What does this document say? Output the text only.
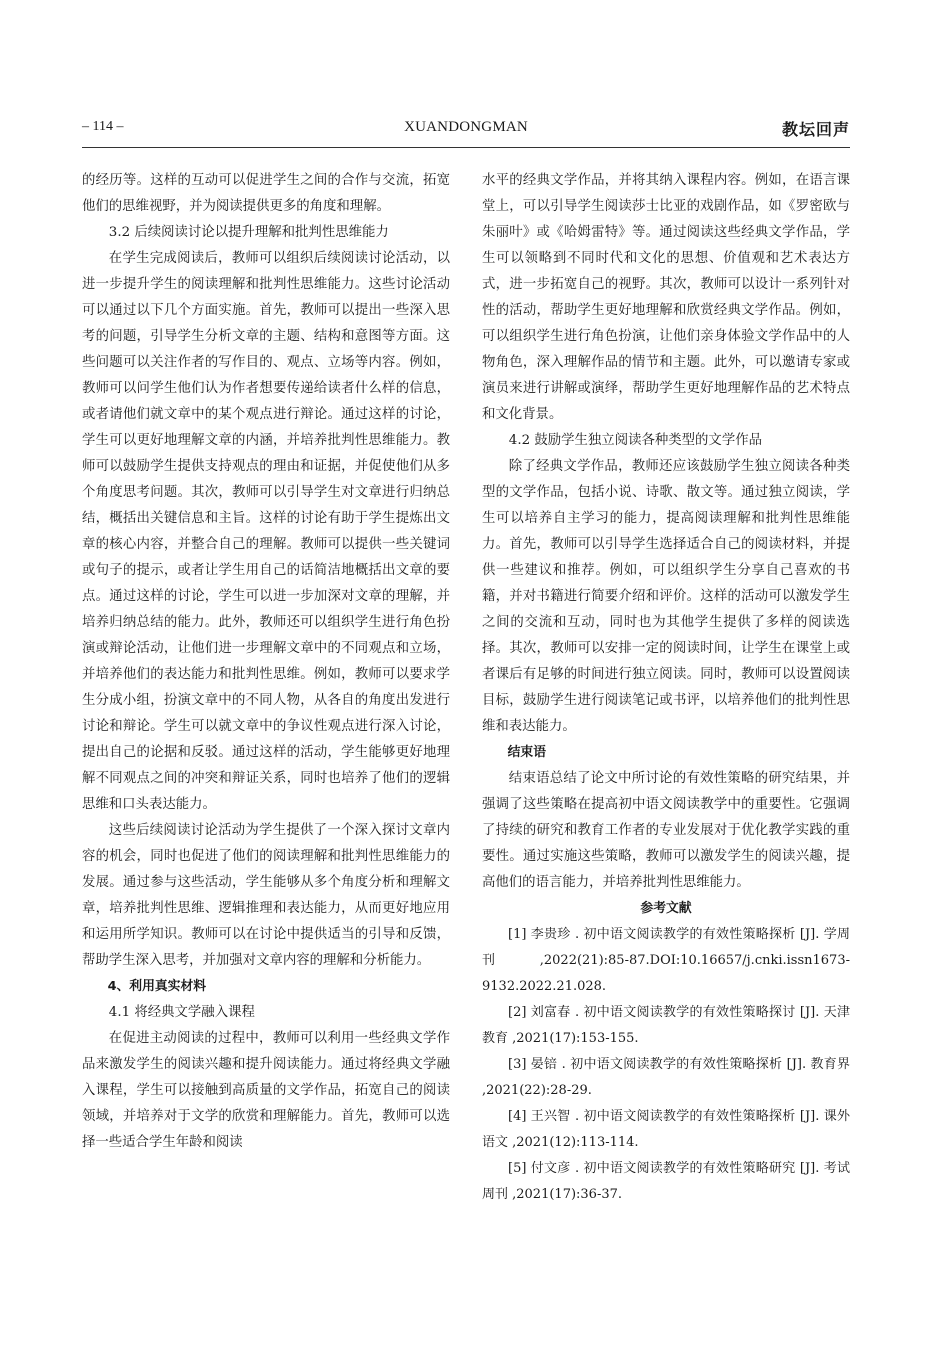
– 114 –	XUANDONGMAN	教坛回声

的经历等。这样的互动可以促进学生之间的合作与交流，拓宽他们的思维视野，并为阅读提供更多的角度和理解。

3.2 后续阅读讨论以提升理解和批判性思维能力

在学生完成阅读后，教师可以组织后续阅读讨论活动，以进一步提升学生的阅读理解和批判性思维能力。这些讨论活动可以通过以下几个方面实施。首先，教师可以提出一些深入思考的问题，引导学生分析文章的主题、结构和意图等方面。这些问题可以关注作者的写作目的、观点、立场等内容。例如，教师可以问学生他们认为作者想要传递给读者什么样的信息，或者请他们就文章中的某个观点进行辩论。通过这样的讨论，学生可以更好地理解文章的内涵，并培养批判性思维能力。教师可以鼓励学生提供支持观点的理由和证据，并促使他们从多个角度思考问题。其次，教师可以引导学生对文章进行归纳总结，概括出关键信息和主旨。这样的讨论有助于学生提炼出文章的核心内容，并整合自己的理解。教师可以提供一些关键词或句子的提示，或者让学生用自己的话简洁地概括出文章的要点。通过这样的讨论，学生可以进一步加深对文章的理解，并培养归纳总结的能力。此外，教师还可以组织学生进行角色扮演或辩论活动，让他们进一步理解文章中的不同观点和立场，并培养他们的表达能力和批判性思维。例如，教师可以要求学生分成小组，扮演文章中的不同人物，从各自的角度出发进行讨论和辩论。学生可以就文章中的争议性观点进行深入讨论，提出自己的论据和反驳。通过这样的活动，学生能够更好地理解不同观点之间的冲突和辩证关系，同时也培养了他们的逻辑思维和口头表达能力。

这些后续阅读讨论活动为学生提供了一个深入探讨文章内容的机会，同时也促进了他们的阅读理解和批判性思维能力的发展。通过参与这些活动，学生能够从多个角度分析和理解文章，培养批判性思维、逻辑推理和表达能力，从而更好地应用和运用所学知识。教师可以在讨论中提供适当的引导和反馈，帮助学生深入思考，并加强对文章内容的理解和分析能力。

4、利用真实材料

4.1 将经典文学融入课程

在促进主动阅读的过程中，教师可以利用一些经典文学作品来激发学生的阅读兴趣和提升阅读能力。通过将经典文学融入课程，学生可以接触到高质量的文学作品，拓宽自己的阅读领域，并培养对于文学的欣赏和理解能力。首先，教师可以选择一些适合学生年龄和阅读

水平的经典文学作品，并将其纳入课程内容。例如，在语言课堂上，可以引导学生阅读莎士比亚的戏剧作品，如《罗密欧与朱丽叶》或《哈姆雷特》等。通过阅读这些经典文学作品，学生可以领略到不同时代和文化的思想、价值观和艺术表达方式，进一步拓宽自己的视野。其次，教师可以设计一系列针对性的活动，帮助学生更好地理解和欣赏经典文学作品。例如，可以组织学生进行角色扮演，让他们亲身体验文学作品中的人物角色，深入理解作品的情节和主题。此外，可以邀请专家或演员来进行讲解或演绎，帮助学生更好地理解作品的艺术特点和文化背景。

4.2 鼓励学生独立阅读各种类型的文学作品

除了经典文学作品，教师还应该鼓励学生独立阅读各种类型的文学作品，包括小说、诗歌、散文等。通过独立阅读，学生可以培养自主学习的能力，提高阅读理解和批判性思维能力。首先，教师可以引导学生选择适合自己的阅读材料，并提供一些建议和推荐。例如，可以组织学生分享自己喜欢的书籍，并对书籍进行简要介绍和评价。这样的活动可以激发学生之间的交流和互动，同时也为其他学生提供了多样的阅读选择。其次，教师可以安排一定的阅读时间，让学生在课堂上或者课后有足够的时间进行独立阅读。同时，教师可以设置阅读目标，鼓励学生进行阅读笔记或书评，以培养他们的批判性思维和表达能力。

结束语

结束语总结了论文中所讨论的有效性策略的研究结果，并强调了这些策略在提高初中语文阅读教学中的重要性。它强调了持续的研究和教育工作者的专业发展对于优化教学实践的重要性。通过实施这些策略，教师可以激发学生的阅读兴趣，提高他们的语言能力，并培养批判性思维能力。

参考文献

[1] 李贵珍 . 初中语文阅读教学的有效性策略探析 [J]. 学周刊 ,2022(21):85-87.DOI:10.16657/j.cnki.issn1673-9132.2022.21.028.

[2] 刘富春 . 初中语文阅读教学的有效性策略探讨 [J]. 天津教育 ,2021(17):153-155.

[3] 晏锫 . 初中语文阅读教学的有效性策略探析 [J]. 教育界 ,2021(22):28-29.

[4] 王兴智 . 初中语文阅读教学的有效性策略探析 [J]. 课外语文 ,2021(12):113-114.

[5] 付文彦 . 初中语文阅读教学的有效性策略研究 [J]. 考试周刊 ,2021(17):36-37.
